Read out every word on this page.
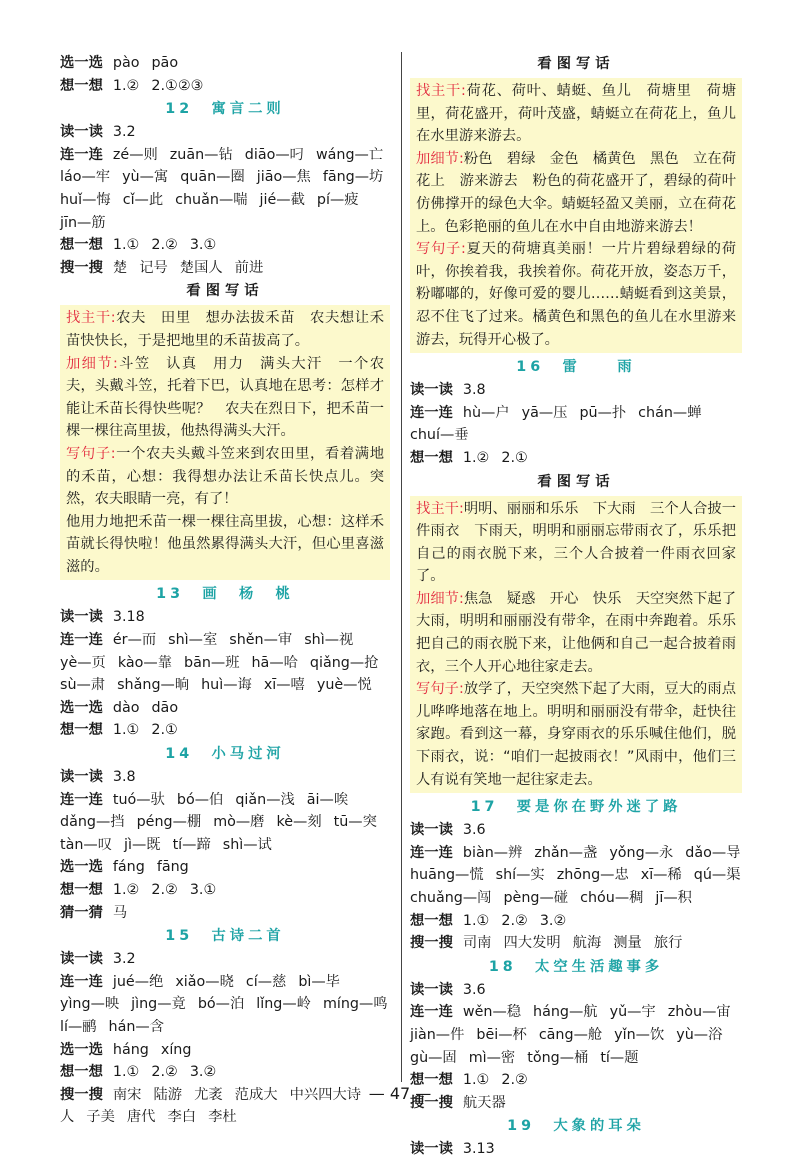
选一选 pào pāo
想一想 1.② 2.①②③
12　寓言二则
读一读 3.2
连一连 zé—则 zuān—钻 diāo—叼 wáng—亡
láo—牢 yù—寓 quān—圈 jiāo—焦 fāng—坊
huǐ—悔 cǐ—此 chuǎn—喘 jié—截 pí—疲
jīn—筋
想一想 1.① 2.② 3.①
搜一搜 楚 记号 楚国人 前进
看图写话

找主干:农夫　田里　想办法拔禾苗　农夫想让禾苗快快长，于是把地里的禾苗拔高了。

加细节:斗笠　认真　用力　满头大汗　一个农夫，头戴斗笠，托着下巴，认真地在思考：怎样才能让禾苗长得快些呢？　农夫在烈日下，把禾苗一棵一棵往高里拔，他热得满头大汗。

写句子:一个农夫头戴斗笠来到农田里，看着满地的禾苗，心想：我得想办法让禾苗长快点儿。突然，农夫眼睛一亮，有了！

他用力地把禾苗一棵一棵往高里拔，心想：这样禾苗就长得快啦！他虽然累得满头大汗，但心里喜滋滋的。

13　画　杨　桃
读一读 3.18
连一连 ér—而 shì—室 shěn—审 shì—视
yè—页 kào—靠 bān—班 hā—哈 qiǎng—抢
sù—肃 shǎng—晌 huì—诲 xī—嘻 yuè—悦
选一选 dào dāo
想一想 1.① 2.①
14　小马过河
读一读 3.8
连一连 tuó—驮 bó—伯 qiǎn—浅 āi—唉
dǎng—挡 péng—棚 mò—磨 kè—刻 tū—突
tàn—叹 jì—既 tí—蹄 shì—试
选一选 fáng fāng
想一想 1.② 2.② 3.①
猜一猜 马
15　古诗二首
读一读 3.2
连一连 jué—绝 xiǎo—晓 cí—慈 bì—毕
yìng—映 jìng—竟 bó—泊 lǐng—岭 míng—鸣
lí—鹂 hán—含
选一选 háng xíng
想一想 1.① 2.② 3.②
搜一搜 南宋 陆游 尤袤 范成大 中兴四大诗
人 子美 唐代 李白 李杜
看图写话

找主干:荷花、荷叶、蜻蜓、鱼儿　荷塘里　荷塘里，荷花盛开，荷叶茂盛，蜻蜓立在荷花上，鱼儿在水里游来游去。

加细节:粉色　碧绿　金色　橘黄色　黑色　立在荷花上　游来游去　粉色的荷花盛开了，碧绿的荷叶仿佛撑开的绿色大伞。蜻蜓轻盈又美丽，立在荷花上。色彩艳丽的鱼儿在水中自由地游来游去！

写句子:夏天的荷塘真美丽！一片片碧绿碧绿的荷叶，你挨着我，我挨着你。荷花开放，姿态万千，粉嘟嘟的，好像可爱的婴儿……蜻蜓看到这美景，忍不住飞了过来。橘黄色和黑色的鱼儿在水里游来游去，玩得开心极了。

16　雷　　雨
读一读 3.8
连一连 hù—户 yā—压 pū—扑 chán—蝉
chuí—垂
想一想 1.② 2.①
看图写话

找主干:明明、丽丽和乐乐　下大雨　三个人合披一件雨衣　下雨天，明明和丽丽忘带雨衣了，乐乐把自己的雨衣脱下来，三个人合披着一件雨衣回家了。

加细节:焦急　疑惑　开心　快乐　天空突然下起了大雨，明明和丽丽没有带伞，在雨中奔跑着。乐乐把自己的雨衣脱下来，让他俩和自己一起合披着雨衣，三个人开心地往家走去。

写句子:放学了，天空突然下起了大雨，豆大的雨点儿哗哗地落在地上。明明和丽丽没有带伞，赶快往家跑。看到这一幕，身穿雨衣的乐乐喊住他们，脱下雨衣，说：“咱们一起披雨衣！”风雨中，他们三人有说有笑地一起往家走去。

17　要是你在野外迷了路
读一读 3.6
连一连 biàn—辨 zhǎn—盏 yǒng—永 dǎo—导
huāng—慌 shí—实 zhōng—忠 xī—稀 qú—渠
chuǎng—闯 pèng—碰 chóu—稠 jī—积
想一想 1.① 2.② 3.②
搜一搜 司南 四大发明 航海 测量 旅行
18　太空生活趣事多
读一读 3.6
连一连 wěn—稳 háng—航 yǔ—宇 zhòu—宙
jiàn—件 bēi—杯 cāng—舱 yǐn—饮 yù—浴
gù—固 mì—密 tǒng—桶 tí—题
想一想 1.① 2.②
搜一搜 航天器
19　大象的耳朵
读一读 3.13
— 47 —
